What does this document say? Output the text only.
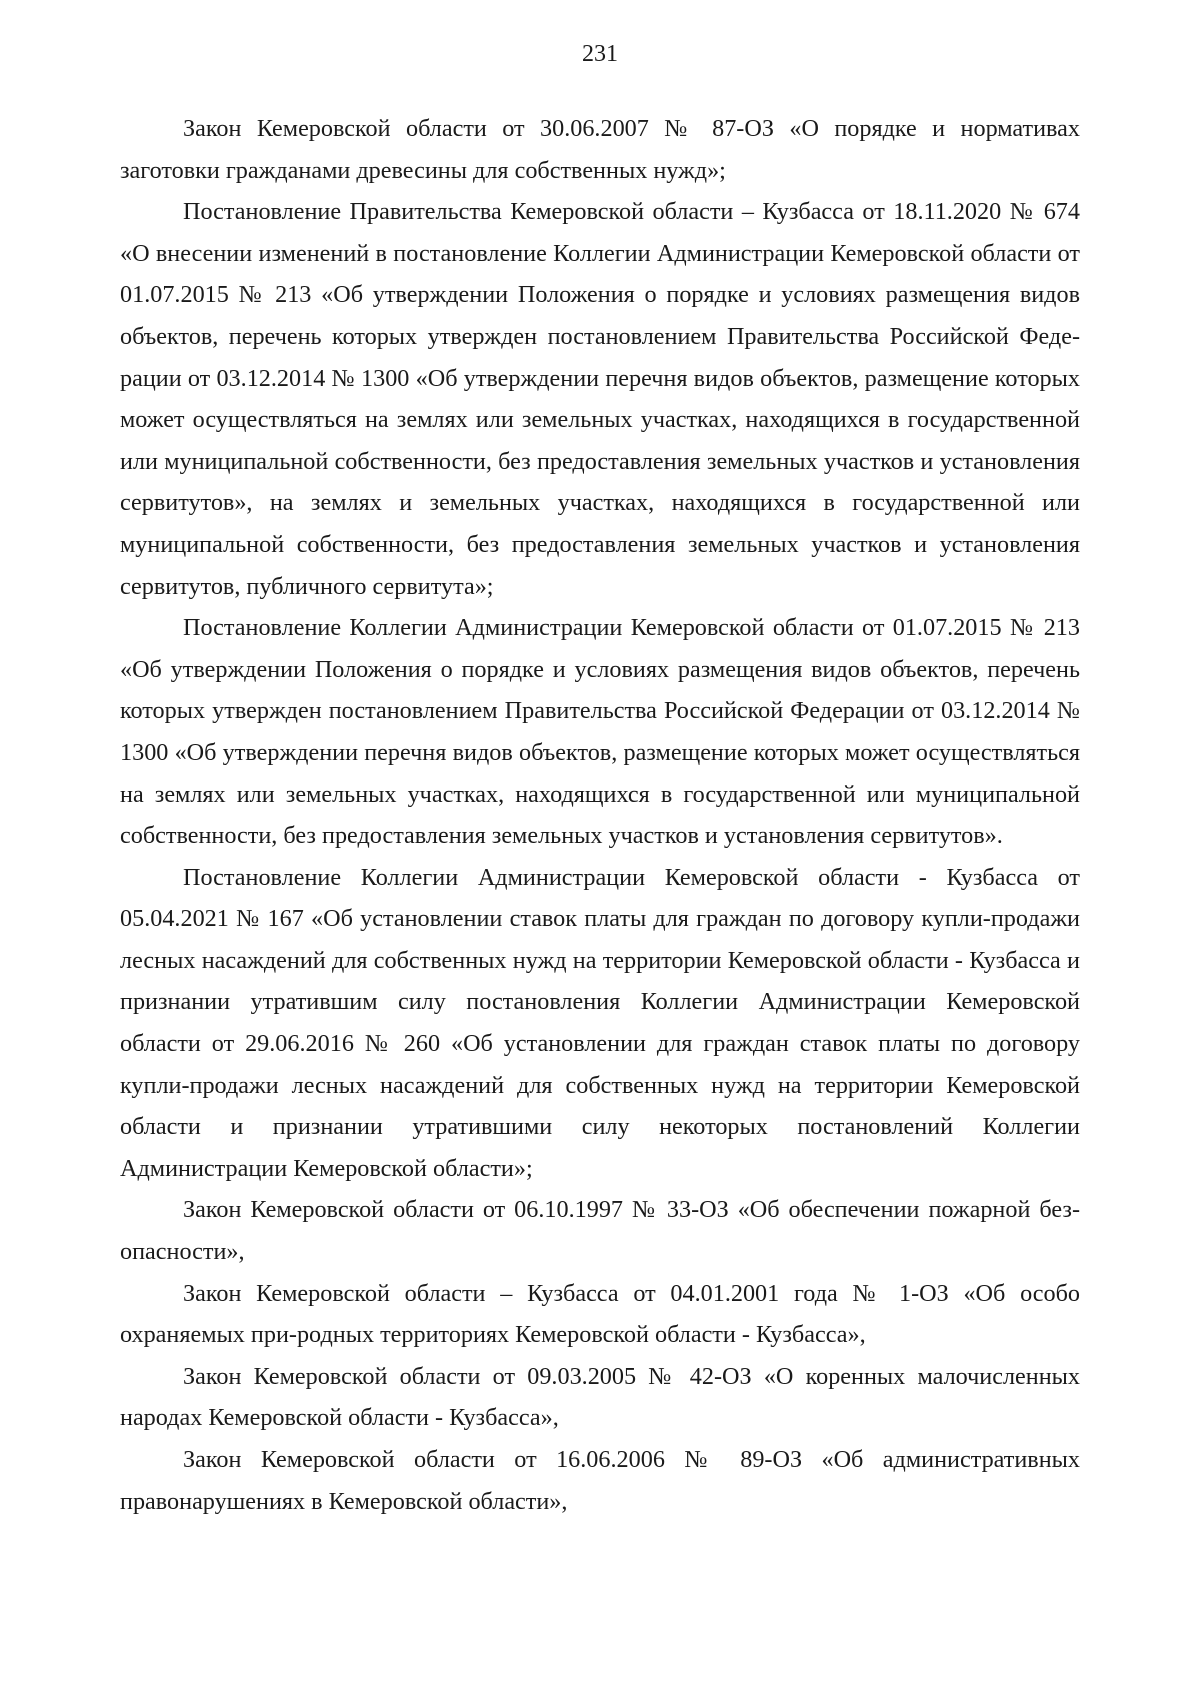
231

Закон Кемеровской области от 30.06.2007 № 87-ОЗ «О порядке и нормативах заготовки гражданами древесины для собственных нужд»;

Постановление Правительства Кемеровской области – Кузбасса от 18.11.2020 № 674 «О внесении изменений в постановление Коллегии Администрации Кемеровской области от 01.07.2015 № 213 «Об утверждении Положения о порядке и условиях размещения видов объектов, перечень которых утвержден постановлением Правительства Российской Федерации от 03.12.2014 № 1300 «Об утверждении перечня видов объектов, размещение которых может осуществляться на землях или земельных участках, находящихся в государственной или муниципальной собственности, без предоставления земельных участков и установления сервитутов», на землях и земельных участках, находящихся в государственной или муниципальной собственности, без предоставления земельных участков и установления сервитутов, публичного сервитута»;

Постановление Коллегии Администрации Кемеровской области от 01.07.2015 № 213 «Об утверждении Положения о порядке и условиях размещения видов объектов, перечень которых утвержден постановлением Правительства Российской Федерации от 03.12.2014 № 1300 «Об утверждении перечня видов объектов, размещение которых может осуществляться на землях или земельных участках, находящихся в государственной или муниципальной собственности, без предоставления земельных участков и установления сервитутов».

Постановление Коллегии Администрации Кемеровской области - Кузбасса от 05.04.2021 № 167 «Об установлении ставок платы для граждан по договору купли-продажи лесных насаждений для собственных нужд на территории Кемеровской области - Кузбасса и признании утратившим силу постановления Коллегии Администрации Кемеровской области от 29.06.2016 № 260 «Об установлении для граждан ставок платы по договору купли-продажи лесных насаждений для собственных нужд на территории Кемеровской области и признании утратившими силу некоторых постановлений Коллегии Администрации Кемеровской области»;

Закон Кемеровской области от 06.10.1997 № 33-ОЗ «Об обеспечении пожарной безопасности»,

Закон Кемеровской области – Кузбасса от 04.01.2001 года № 1-ОЗ «Об особо охраняемых при-родных территориях Кемеровской области - Кузбасса»,

Закон Кемеровской области от 09.03.2005 № 42-ОЗ «О коренных малочисленных народах Кемеровской области - Кузбасса»,

Закон Кемеровской области от 16.06.2006 № 89-ОЗ «Об административных правонарушениях в Кемеровской области»,
